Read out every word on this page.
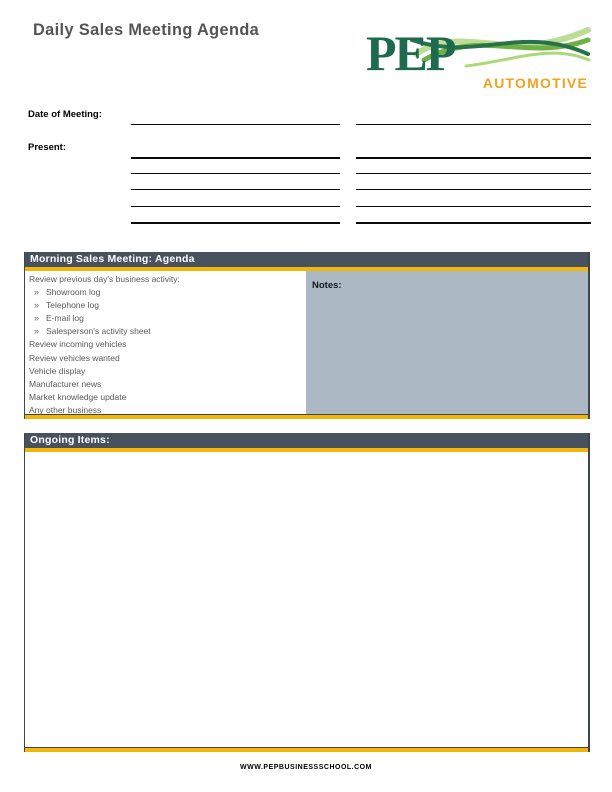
Daily Sales Meeting Agenda PEP
AUTOMOTIVE
Date of Meeting:
Present:
Morning Sales Meeting: Agenda
Review previous day's business activity:
» Showroom log
» Telephone log
» E-mail log
» Salesperson's activity sheet
Review incoming vehicles
Review vehicles wanted
Vehicle display
Manufacturer news
Market knowledge update
Any other business
Notes:
Ongoing Items:
WWW.PEPBUSINESSSCHOOL.COM
